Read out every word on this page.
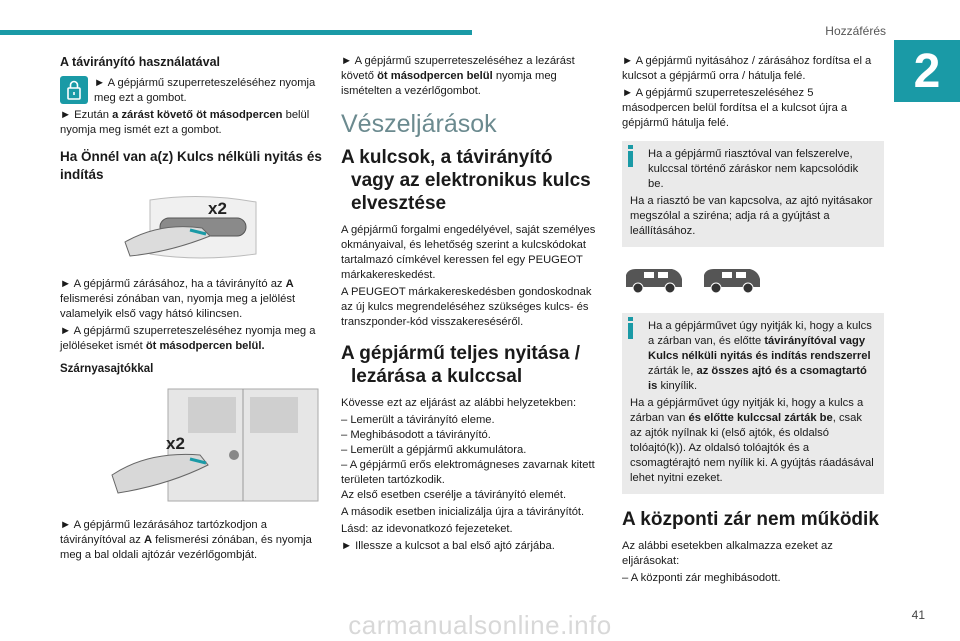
Hozzáférés
2
A távirányító használatával

► A gépjármű szuperreteszeléséhez nyomja meg ezt a gombot.

► Ezután a zárást követő öt másodpercen belül nyomja meg ismét ezt a gombot.

Ha Önnél van a(z) Kulcs nélküli nyitás és indítás
x2

► A gépjármű zárásához, ha a távirányító az A felismerési zónában van, nyomja meg a jelölést valamelyik első vagy hátsó kilincsen.

► A gépjármű szuperreteszeléséhez nyomja meg a jelöléseket ismét öt másodpercen belül.

Szárnyasajtókkal
x2

► A gépjármű lezárásához tartózkodjon a távirányítóval az A felismerési zónában, és nyomja meg a bal oldali ajtózár vezérlőgombját.

► A gépjármű szuperreteszeléséhez a lezárást követő öt másodpercen belül nyomja meg ismételten a vezérlőgombot.

Vészeljárások
A kulcsok, a távirányító
vagy az elektronikus kulcs
elvesztése

A gépjármű forgalmi engedélyével, saját személyes okmányaival, és lehetőség szerint a kulcskódokat tartalmazó címkével keressen fel egy PEUGEOT márkakereskedést.

A PEUGEOT márkakereskedésben gondoskodnak az új kulcs megrendeléséhez szükséges kulcs- és transzponder-kód visszakereséséről.

A gépjármű teljes nyitása /
lezárása a kulccsal

Kövesse ezt az eljárást az alábbi helyzetekben:

– Lemerült a távirányító eleme.
– Meghibásodott a távirányító.
– Lemerült a gépjármű akkumulátora.
– A gépjármű erős elektromágneses zavarnak kitett területen tartózkodik.

Az első esetben cserélje a távirányító elemét.

A második esetben inicializálja újra a távirányítót.

Lásd: az idevonatkozó fejezeteket.

► Illessze a kulcsot a bal első ajtó zárjába.

► A gépjármű nyitásához / zárásához fordítsa el a kulcsot a gépjármű orra / hátulja felé.

► A gépjármű szuperreteszeléséhez 5 másodpercen belül fordítsa el a kulcsot újra a gépjármű hátulja felé.

Ha a gépjármű riasztóval van felszerelve, kulccsal történő záráskor nem kapcsolódik be.

Ha a riasztó be van kapcsolva, az ajtó nyitásakor megszólal a sziréna; adja rá a gyújtást a leállításához.

Ha a gépjárművet úgy nyitják ki, hogy a kulcs a zárban van, és előtte távirányítóval vagy Kulcs nélküli nyitás és indítás rendszerrel zárták le, az összes ajtó és a csomagtartó is kinyílik.

Ha a gépjárművet úgy nyitják ki, hogy a kulcs a zárban van és előtte kulccsal zárták be, csak az ajtók nyílnak ki (első ajtók, és oldalsó tolóajtó(k)). Az oldalsó tolóajtók és a csomagtérajtó nem nyílik ki. A gyújtás ráadásával lehet nyitni ezeket.

A központi zár nem működik

Az alábbi esetekben alkalmazza ezeket az eljárásokat:

– A központi zár meghibásodott.

carmanualsonline.info	41
